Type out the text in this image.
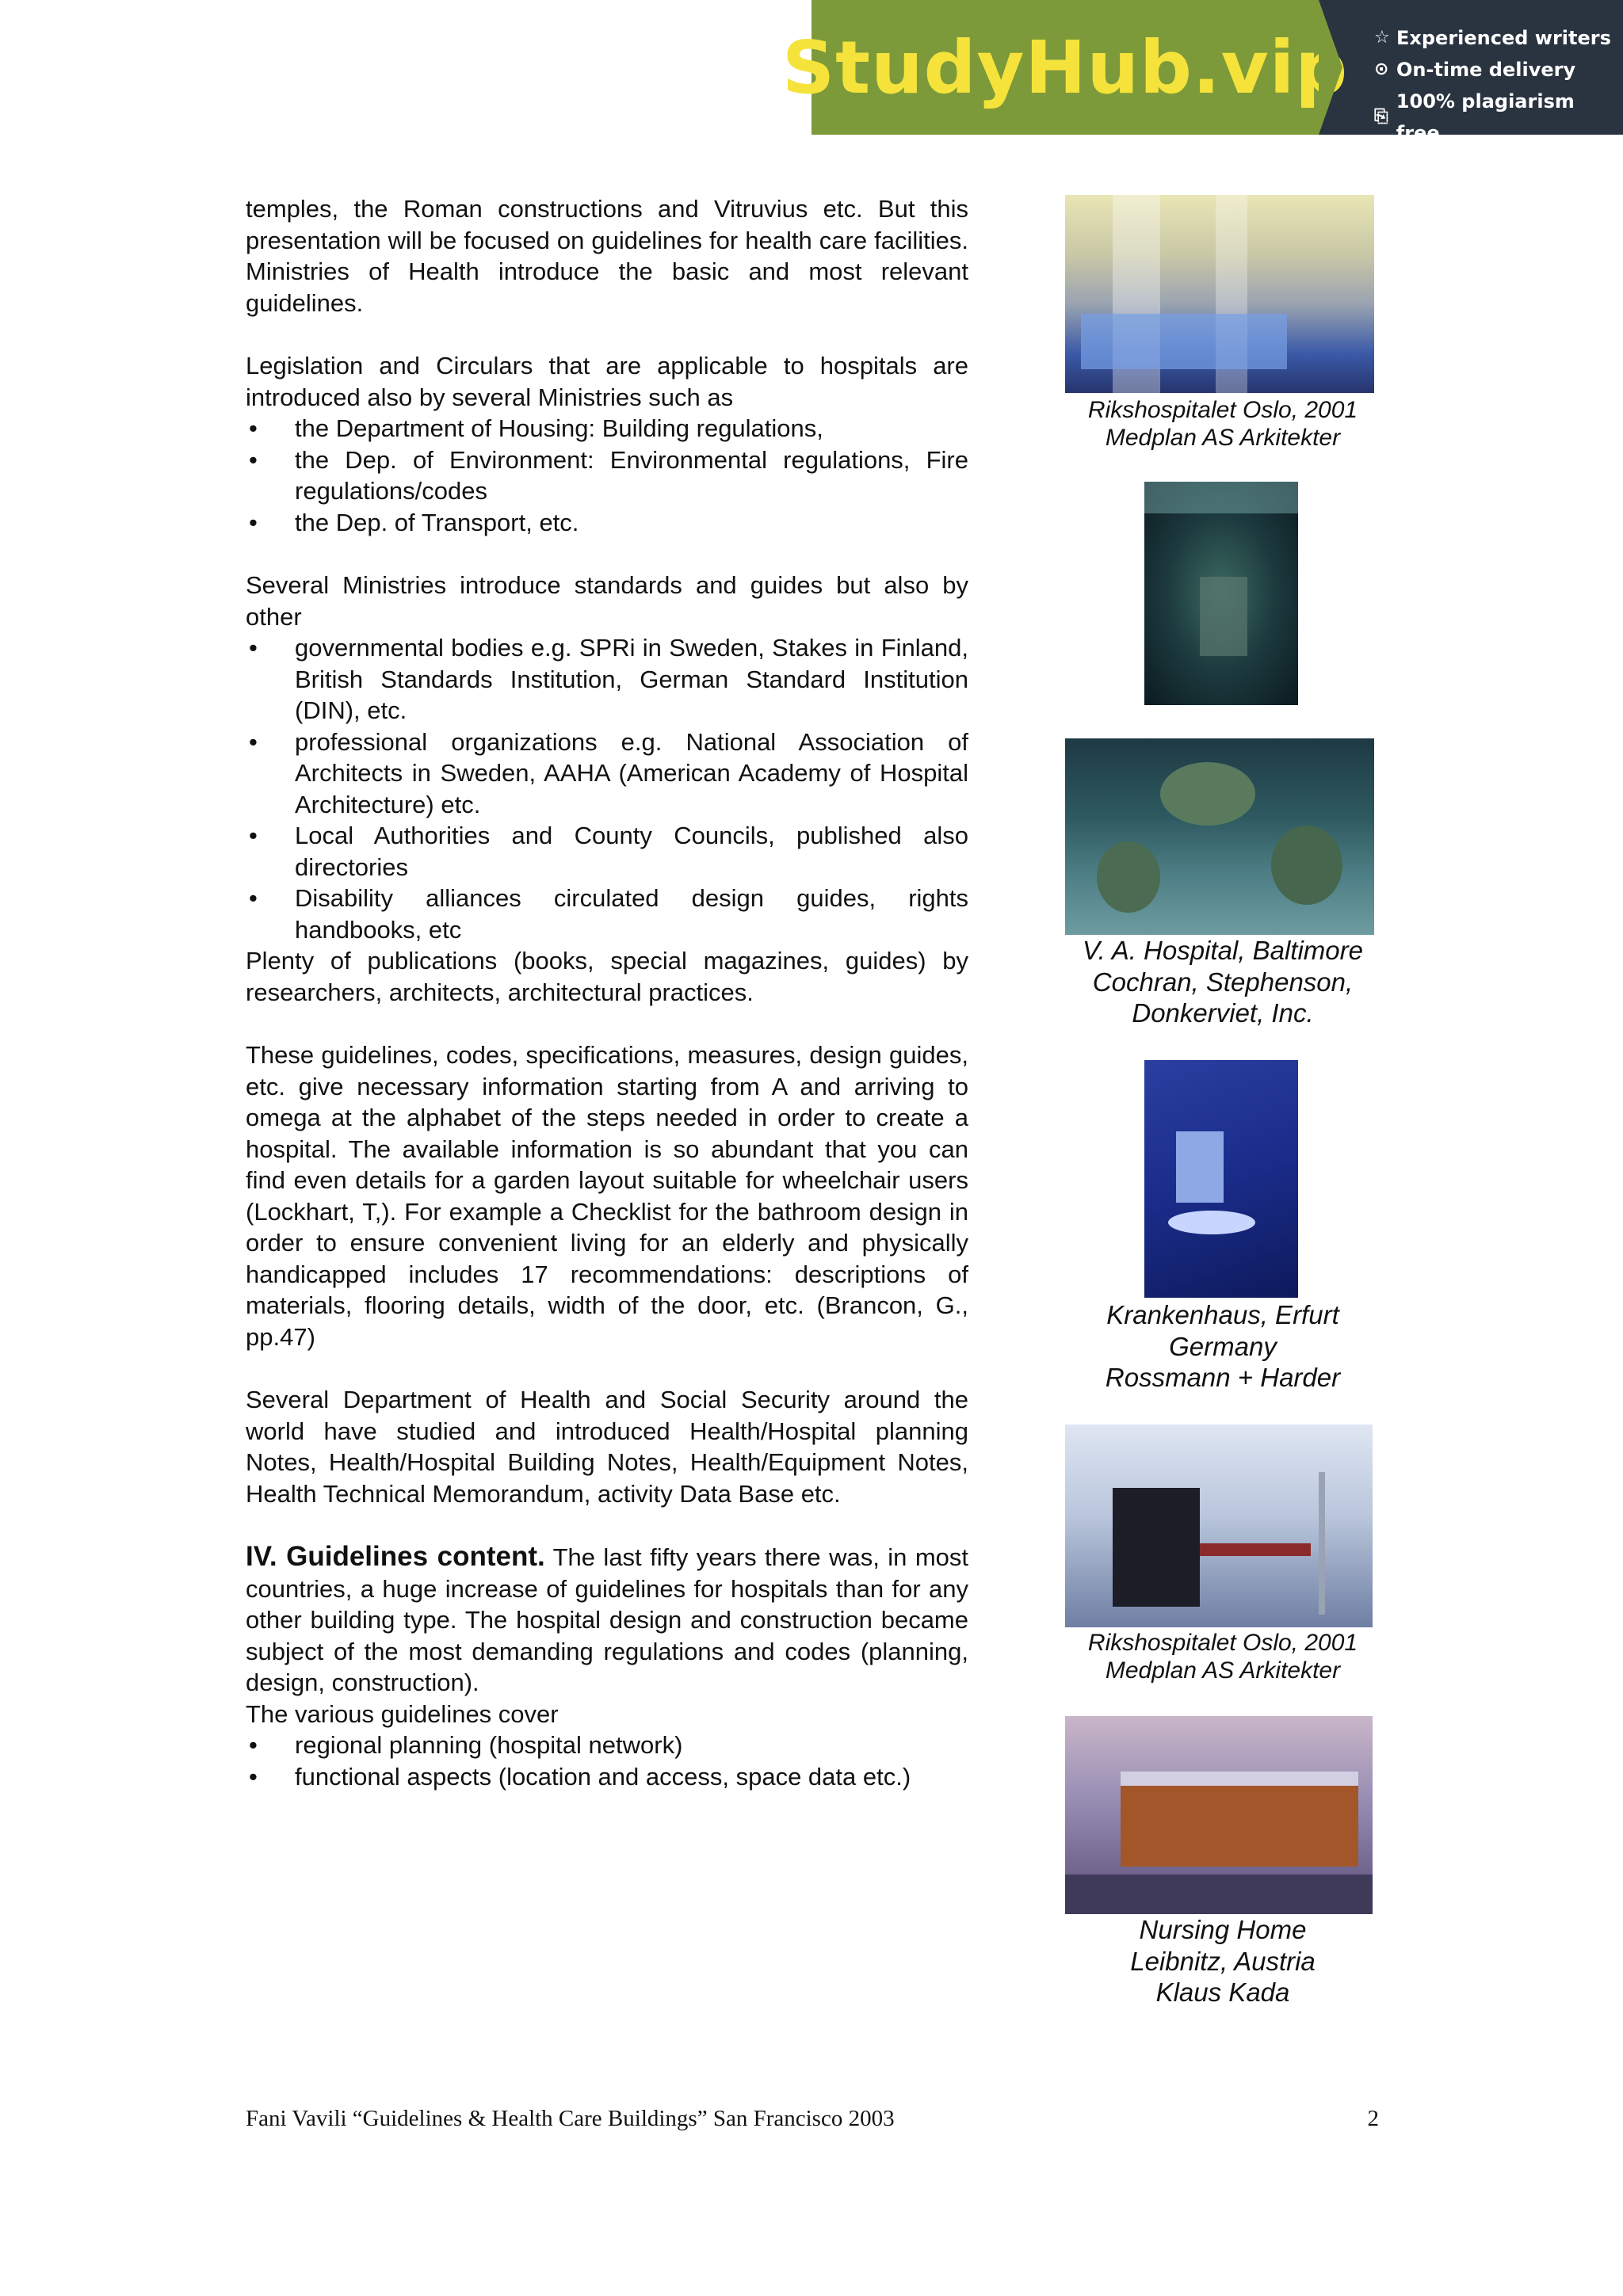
StudyHub.vip ☆ Experienced writers
⊙ On-time delivery
⎘
100% plagiarism free

temples, the Roman constructions and Vitruvius etc. But this presentation will be focused on guidelines for health care facilities. Ministries of Health introduce the basic and most relevant guidelines.

Legislation and Circulars that are applicable to hospitals are introduced also by several Ministries such as

• the Department of Housing: Building regulations,
• the Dep. of Environment: Environmental regulations, Fire regulations/codes
• the Dep. of Transport, etc.

Several Ministries introduce standards and guides but also by other

• governmental bodies e.g. SPRi in Sweden, Stakes in Finland, British Standards Institution, German Standard Institution (DIN), etc.
• professional organizations e.g. National Association of Architects in Sweden, AAHA (American Academy of Hospital Architecture) etc.
• Local Authorities and County Councils, published also directories
• Disability alliances circulated design guides, rights handbooks, etc

Plenty of publications (books, special magazines, guides) by researchers, architects, architectural practices.

These guidelines, codes, specifications, measures, design guides, etc. give necessary information starting from A and arriving to omega at the alphabet of the steps needed in order to create a hospital. The available information is so abundant that you can find even details for a garden layout suitable for wheelchair users (Lockhart, T,). For example a Checklist for the bathroom design in order to ensure convenient living for an elderly and physically handicapped includes 17 recommendations: descriptions of materials, flooring details, width of the door, etc. (Brancon, G., pp.47)

Several Department of Health and Social Security around the world have studied and introduced Health/Hospital planning Notes, Health/Hospital Building Notes, Health/Equipment Notes, Health Technical Memorandum, activity Data Base etc.

IV. Guidelines content. The last fifty years there was, in most countries, a huge increase of guidelines for hospitals than for any other building type. The hospital design and construction became subject of the most demanding regulations and codes (planning, design, construction).

The various guidelines cover

• regional planning (hospital network)
• functional aspects (location and access, space data etc.)
Rikshospitalet Oslo, 2001
Medplan AS Arkitekter
V. A. Hospital, Baltimore
Cochran, Stephenson,
Donkerviet, Inc.
Krankenhaus, Erfurt
Germany
Rossmann + Harder
Rikshospitalet Oslo, 2001
Medplan AS Arkitekter
Nursing Home
Leibnitz, Austria
Klaus Kada
Fani Vavili “Guidelines & Health Care Buildings” San Francisco 2003	2
